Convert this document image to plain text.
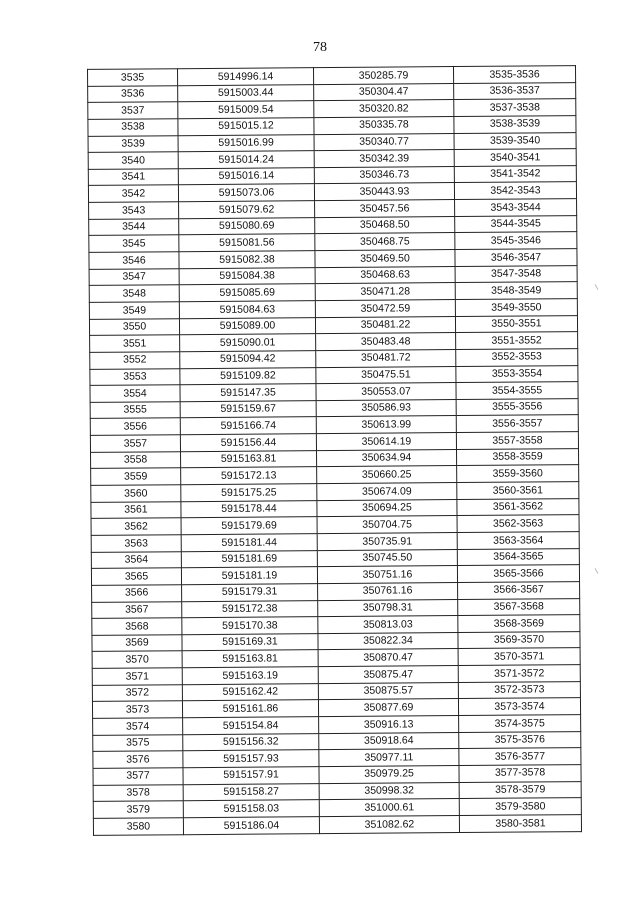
78
3535	5914996.14	350285.79	3535-3536
3536	5915003.44	350304.47	3536-3537
3537	5915009.54	350320.82	3537-3538
3538	5915015.12	350335.78	3538-3539
3539	5915016.99	350340.77	3539-3540
3540	5915014.24	350342.39	3540-3541
3541	5915016.14	350346.73	3541-3542
3542	5915073.06	350443.93	3542-3543
3543	5915079.62	350457.56	3543-3544
3544	5915080.69	350468.50	3544-3545
3545	5915081.56	350468.75	3545-3546
3546	5915082.38	350469.50	3546-3547
3547	5915084.38	350468.63	3547-3548
3548	5915085.69	350471.28	3548-3549
3549	5915084.63	350472.59	3549-3550
3550	5915089.00	350481.22	3550-3551
3551	5915090.01	350483.48	3551-3552
3552	5915094.42	350481.72	3552-3553
3553	5915109.82	350475.51	3553-3554
3554	5915147.35	350553.07	3554-3555
3555	5915159.67	350586.93	3555-3556
3556	5915166.74	350613.99	3556-3557
3557	5915156.44	350614.19	3557-3558
3558	5915163.81	350634.94	3558-3559
3559	5915172.13	350660.25	3559-3560
3560	5915175.25	350674.09	3560-3561
3561	5915178.44	350694.25	3561-3562
3562	5915179.69	350704.75	3562-3563
3563	5915181.44	350735.91	3563-3564
3564	5915181.69	350745.50	3564-3565
3565	5915181.19	350751.16	3565-3566
3566	5915179.31	350761.16	3566-3567
3567	5915172.38	350798.31	3567-3568
3568	5915170.38	350813.03	3568-3569
3569	5915169.31	350822.34	3569-3570
3570	5915163.81	350870.47	3570-3571
3571	5915163.19	350875.47	3571-3572
3572	5915162.42	350875.57	3572-3573
3573	5915161.86	350877.69	3573-3574
3574	5915154.84	350916.13	3574-3575
3575	5915156.32	350918.64	3575-3576
3576	5915157.93	350977.11	3576-3577
3577	5915157.91	350979.25	3577-3578
3578	5915158.27	350998.32	3578-3579
3579	5915158.03	351000.61	3579-3580
3580	5915186.04	351082.62	3580-3581
